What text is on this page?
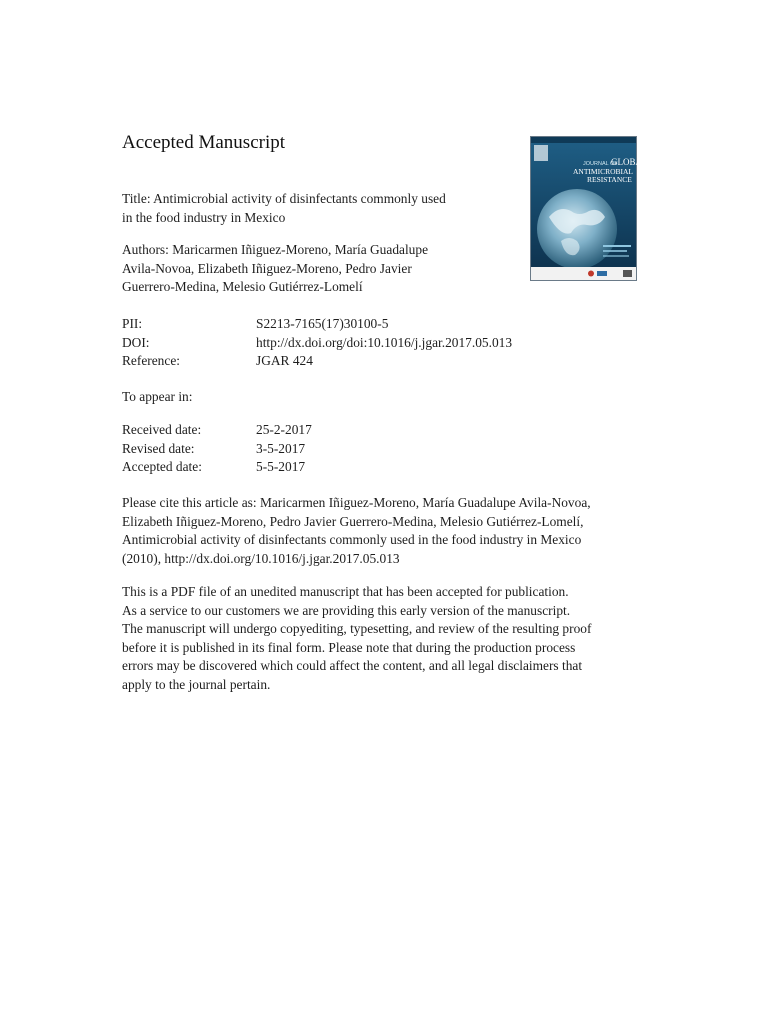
Accepted Manuscript
JOURNAL OF
GLOBAL
ANTIMICROBIAL
RESISTANCE
Title: Antimicrobial activity of disinfectants commonly used
in the food industry in Mexico
Authors: Maricarmen Iñiguez-Moreno, María Guadalupe
Avila-Novoa, Elizabeth Iñiguez-Moreno, Pedro Javier
Guerrero-Medina, Melesio Gutiérrez-Lomelí
PII:	S2213-7165(17)30100-5
DOI:	http://dx.doi.org/doi:10.1016/j.jgar.2017.05.013
Reference:	JGAR 424
To appear in:
Received date:	25-2-2017
Revised date:	3-5-2017
Accepted date:	5-5-2017
Please cite this article as: Maricarmen Iñiguez-Moreno, María Guadalupe Avila-Novoa,
Elizabeth Iñiguez-Moreno, Pedro Javier Guerrero-Medina, Melesio Gutiérrez-Lomelí,
Antimicrobial activity of disinfectants commonly used in the food industry in Mexico
(2010), http://dx.doi.org/10.1016/j.jgar.2017.05.013
This is a PDF file of an unedited manuscript that has been accepted for publication.
As a service to our customers we are providing this early version of the manuscript.
The manuscript will undergo copyediting, typesetting, and review of the resulting proof
before it is published in its final form. Please note that during the production process
errors may be discovered which could affect the content, and all legal disclaimers that
apply to the journal pertain.
